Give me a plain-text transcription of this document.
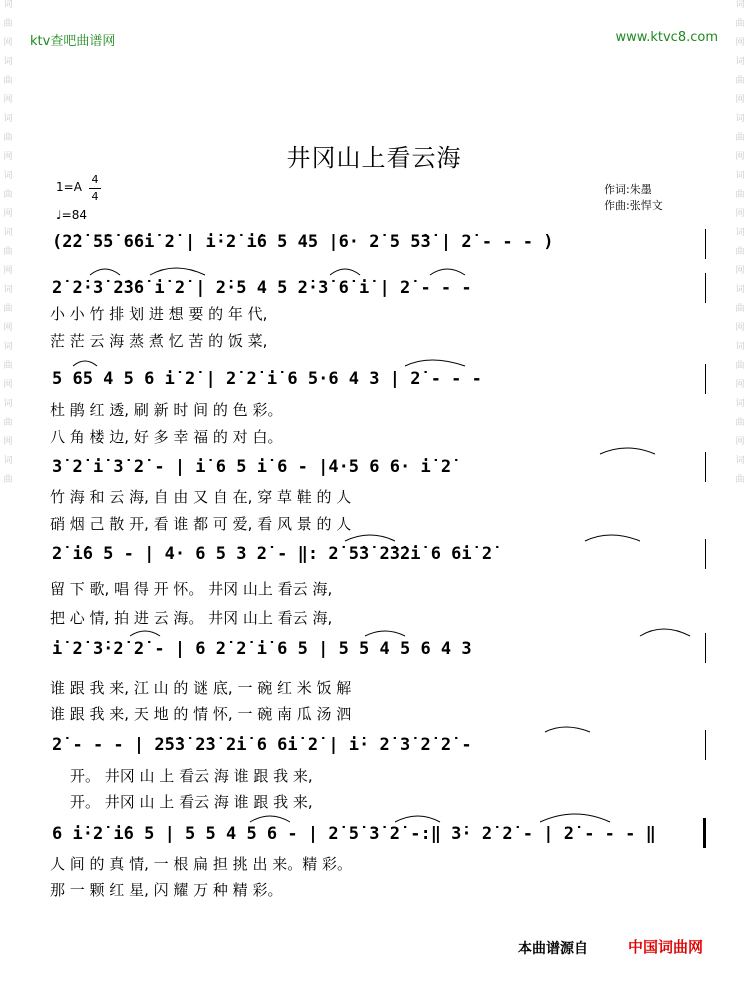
词
曲
网
词
曲
网
词
曲
网
词
曲
网
词
曲
网
词
曲
网
词
曲
网
词
曲
网
词
曲
词
曲
网
词
曲
网
词
曲
网
词
曲
网
词
曲
网
词
曲
网
词
曲
网
词
曲
网
词
曲
ktv查吧曲谱网	www.ktvc8.com
井冈山上看云海
1=A
4
4
♩=84
作词:朱墨
作曲:张悍文
(2̇2̇ 5̇5̇ 6̇6̇i̇ 2̇ | i̇·2̇ i̇6 5 45 |6· 2̇ 5 5̇3̇ | 2̇ - - - )
2̇ 2̇·3̇ 2̇3̇6̇ i̇ 2̇ | 2̇·5 4 5 2̇·3̇ 6̇ i̇ | 2̇ - - -
小 小 竹 排 划 进 想 要 的 年 代,
茫 茫 云 海 蒸 煮 忆 苦 的 饭 菜,
5 65 4 5 6 i̇ 2̇ | 2̇ 2̇ i̇ 6 5·6 4 3 | 2̇ - - -
杜 鹃 红 透, 刷 新 时 间 的 色 彩。
八 角 楼 边, 好 多 幸 福 的 对 白。
3̇ 2̇ i̇ 3̇ 2̇ - | i̇ 6 5 i̇ 6 - |4·5 6 6· i̇ 2̇
竹 海 和 云 海, 自 由 又 自 在, 穿 草 鞋 的 人
硝 烟 己 散 开, 看 谁 都 可 爱, 看 风 景 的 人
2̇ i̇6 5 - | 4· 6 5 3 2̇ - ‖: 2̇ 5̇3̇ 2̇3̇2̇i̇ 6 6̇i̇ 2̇
留 下 歌, 唱 得 开 怀。 井冈 山上 看云 海,
把 心 情, 拍 进 云 海。 井冈 山上 看云 海,
i̇ 2̇ 3̇·2̇ 2̇ - | 6 2̇ 2̇ i̇ 6 5 | 5 5 4 5 6 4 3
谁 跟 我 来, 江 山 的 谜 底, 一 碗 红 米 饭 解
谁 跟 我 来, 天 地 的 情 怀, 一 碗 南 瓜 汤 泗
2̇ - - - | 2̇5̇3̇ 2̇3̇ 2̇i̇ 6 6̇i̇ 2̇ | i̇· 2̇ 3̇ 2̇ 2̇ -
开。 井冈 山 上 看云 海 谁 跟 我 来,
开。 井冈 山 上 看云 海 谁 跟 我 来,
6 i̇·2̇ i̇6 5 | 5 5 4 5 6 - | 2̇ 5̇ 3̇ 2̇ -:‖ 3̇· 2̇ 2̇ - | 2̇ - - - ‖
人 间 的 真 情, 一 根 扁 担 挑 出 来。精 彩。
那 一 颗 红 星, 闪 耀 万 种 精 彩。
本曲谱源自	中国词曲网
